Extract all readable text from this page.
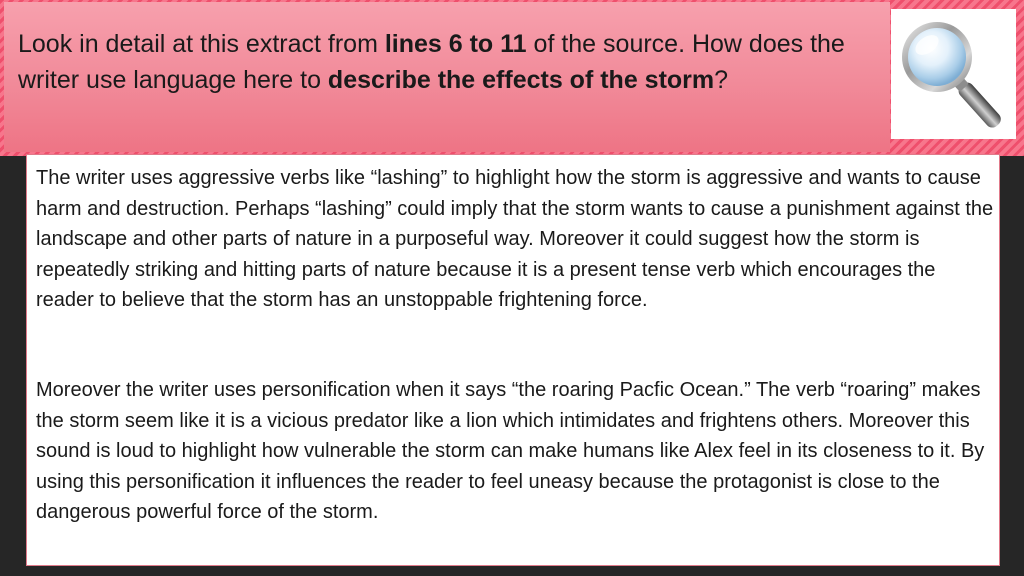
Look in detail at this extract from lines 6 to 11 of the source. How does the writer use language here to describe the effects of the storm?

The writer uses aggressive verbs like “lashing” to highlight how the storm is aggressive and wants to cause harm and destruction. Perhaps “lashing” could imply that the storm wants to cause a punishment against the landscape and other parts of nature in a purposeful way. Moreover it could suggest how the storm is repeatedly striking and hitting parts of nature because it is a present tense verb which encourages the reader to believe that the storm has an unstoppable frightening force.

Moreover the writer uses personification when it says “the roaring Pacfic Ocean.” The verb “roaring” makes the storm seem like it is a vicious predator like a lion which intimidates and frightens others. Moreover this sound is loud to highlight how vulnerable the storm can make humans like Alex feel in its closeness to it. By using this personification it influences the reader to feel uneasy because the protagonist is close to the dangerous powerful force of the storm.
